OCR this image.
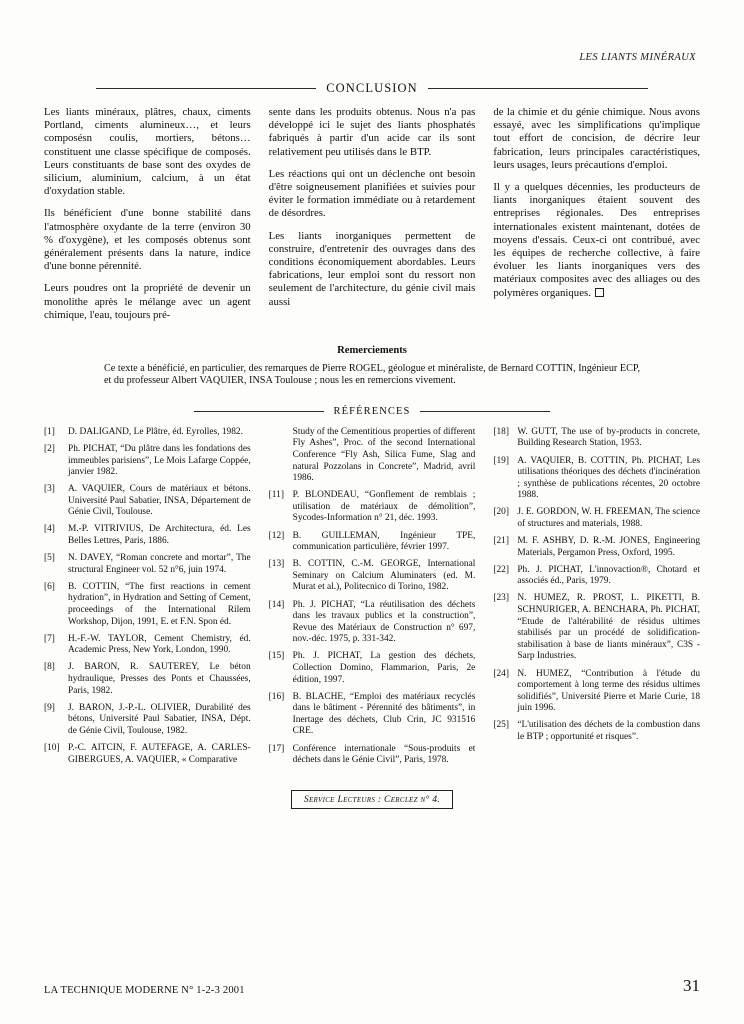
LES LIANTS MINÉRAUX
CONCLUSION

Les liants minéraux, plâtres, chaux, ciments Portland, ciments alumineux…, et leurs composésn coulis, mortiers, bétons… constituent une classe spécifique de composés. Leurs constituants de base sont des oxydes de silicium, aluminium, calcium, à un état d'oxydation stable.

Ils bénéficient d'une bonne stabilité dans l'atmosphère oxydante de la terre (environ 30 % d'oxygène), et les composés obtenus sont généralement présents dans la nature, indice d'une bonne pérennité.

Leurs poudres ont la propriété de devenir un monolithe après le mélange avec un agent chimique, l'eau, toujours pré-

sente dans les produits obtenus. Nous n'a pas développé ici le sujet des liants phosphatés fabriqués à partir d'un acide car ils sont relativement peu utilisés dans le BTP.

Les réactions qui ont un déclenche ont besoin d'être soigneusement planifiées et suivies pour éviter le formation immédiate ou à retardement de désordres.

Les liants inorganiques permettent de construire, d'entretenir des ouvrages dans des conditions économiquement abordables. Leurs fabrications, leur emploi sont du ressort non seulement de l'architecture, du génie civil mais aussi

de la chimie et du génie chimique. Nous avons essayé, avec les simplifications qu'implique tout effort de concision, de décrire leur fabrication, leurs principales caractéristiques, leurs usages, leurs précautions d'emploi.

Il y a quelques décennies, les producteurs de liants inorganiques étaient souvent des entreprises régionales. Des entreprises internationales existent maintenant, dotées de moyens d'essais. Ceux-ci ont contribué, avec les équipes de recherche collective, à faire évoluer les liants inorganiques vers des matériaux composites avec des alliages ou des polymères organiques.

Remerciements
Ce texte a bénéficié, en particulier, des remarques de Pierre ROGEL, géologue et minéraliste, de Bernard COTTIN, Ingénieur ECP, et du professeur Albert VAQUIER, INSA Toulouse ; nous les en remercions vivement.
RÉFÉRENCES
[1]	D. DALIGAND, Le Plâtre, éd. Eyrolles, 1982.
[2]	Ph. PICHAT, “Du plâtre dans les fondations des immeubles parisiens”, Le Mois Lafarge Coppée, janvier 1982.
[3]	A. VAQUIER, Cours de matériaux et bétons. Université Paul Sabatier, INSA, Département de Génie Civil, Toulouse.
[4]	M.-P. VITRIVIUS, De Architectura, éd. Les Belles Lettres, Paris, 1886.
[5]	N. DAVEY, “Roman concrete and mortar”, The structural Engineer vol. 52 n°6, juin 1974.
[6]	B. COTTIN, “The first reactions in cement hydration”, in Hydration and Setting of Cement, proceedings of the International Rilem Workshop, Dijon, 1991, E. et F.N. Spon éd.
[7]	H.-F.-W. TAYLOR, Cement Chemistry, éd. Academic Press, New York, London, 1990.
[8]	J. BARON, R. SAUTEREY, Le béton hydraulique, Presses des Ponts et Chaussées, Paris, 1982.
[9]	J. BARON, J.-P.-L. OLIVIER, Durabilité des bétons, Université Paul Sabatier, INSA, Dépt. de Génie Civil, Toulouse, 1982.
[10] P.-C. AITCIN, F. AUTEFAGE, A. CARLES-GIBERGUES, A. VAQUIER, « Comparative
Study of the Cementitious properties of different Fly Ashes”, Proc. of the second International Conference “Fly Ash, Silica Fume, Slag and natural Pozzolans in Concrete”, Madrid, avril 1986.
[11] P. BLONDEAU, “Gonflement de remblais ; utilisation de matériaux de démolition”, Sycodes-Information n° 21, déc. 1993.
[12] B. GUILLEMAN, Ingénieur TPE, communication particulière, février 1997.
[13] B. COTTIN, C.-M. GEORGE, International Seminary on Calcium Aluminaters (ed. M. Murat et al.), Politecnico di Torino, 1982.
[14] Ph. J. PICHAT, “La réutilisation des déchets dans les travaux publics et la construction”, Revue des Matériaux de Construction n° 697, nov.-déc. 1975, p. 331-342.
[15] Ph. J. PICHAT, La gestion des déchets, Collection Domino, Flammarion, Paris, 2e édition, 1997.
[16] B. BLACHE, “Emploi des matériaux recyclés dans le bâtiment - Pérennité des bâtiments”, in Inertage des déchets, Club Crin, JC 931516 CRE.
[17] Conférence internationale “Sous-produits et déchets dans le Génie Civil”, Paris, 1978.
[18] W. GUTT, The use of by-products in concrete, Building Research Station, 1953.
[19] A. VAQUIER, B. COTTIN, Ph. PICHAT, Les utilisations théoriques des déchets d'incinération ; synthèse de publications récentes, 20 octobre 1988.
[20] J. E. GORDON, W. H. FREEMAN, The science of structures and materials, 1988.
[21] M. F. ASHBY, D. R.-M. JONES, Engineering Materials, Pergamon Press, Oxford, 1995.
[22] Ph. J. PICHAT, L'innovaction®, Chotard et associés éd., Paris, 1979.
[23] N. HUMEZ, R. PROST, L. PIKETTI, B. SCHNURIGER, A. BENCHARA, Ph. PICHAT, “Etude de l'altérabilité de résidus ultimes stabilisés par un procédé de solidification-stabilisation à base de liants minéraux”, C3S - Sarp Industries.
[24] N. HUMEZ, “Contribution à l'étude du comportement à long terme des résidus ultimes solidifiés”, Université Pierre et Marie Curie, 18 juin 1996.
[25] “L'utilisation des déchets de la combustion dans le BTP ; opportunité et risques”.
Service Lecteurs : Cerclez n° 4.
LA TECHNIQUE MODERNE N° 1-2-3 2001	31
